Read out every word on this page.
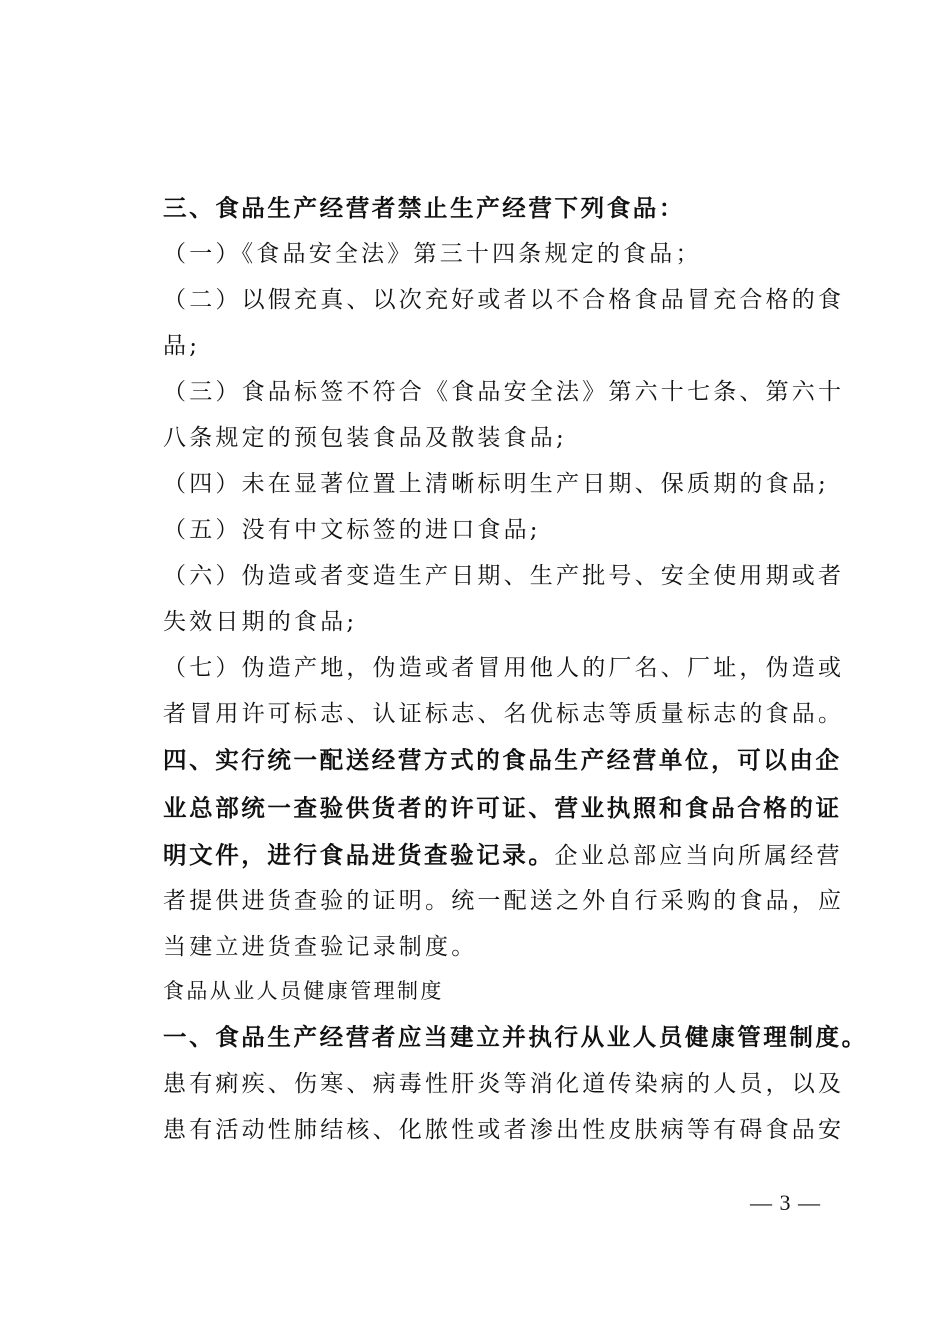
三、食品生产经营者禁止生产经营下列食品：
（一）《食品安全法》第三十四条规定的食品；
（二）以假充真、以次充好或者以不合格食品冒充合格的食
品;
（三）食品标签不符合《食品安全法》第六十七条、第六十
八条规定的预包装食品及散装食品;
（四）未在显著位置上清晰标明生产日期、保质期的食品;
（五）没有中文标签的进口食品;
（六）伪造或者变造生产日期、生产批号、安全使用期或者
失效日期的食品;
（七）伪造产地，伪造或者冒用他人的厂名、厂址，伪造或
者冒用许可标志、认证标志、名优标志等质量标志的食品。
四、实行统一配送经营方式的食品生产经营单位，可以由企
业总部统一查验供货者的许可证、营业执照和食品合格的证
明文件，进行食品进货查验记录。企业总部应当向所属经营
者提供进货查验的证明。统一配送之外自行采购的食品，应
当建立进货查验记录制度。
食品从业人员健康管理制度
一、食品生产经营者应当建立并执行从业人员健康管理制度。
患有痢疾、伤寒、病毒性肝炎等消化道传染病的人员，以及
患有活动性肺结核、化脓性或者渗出性皮肤病等有碍食品安
— 3 —
